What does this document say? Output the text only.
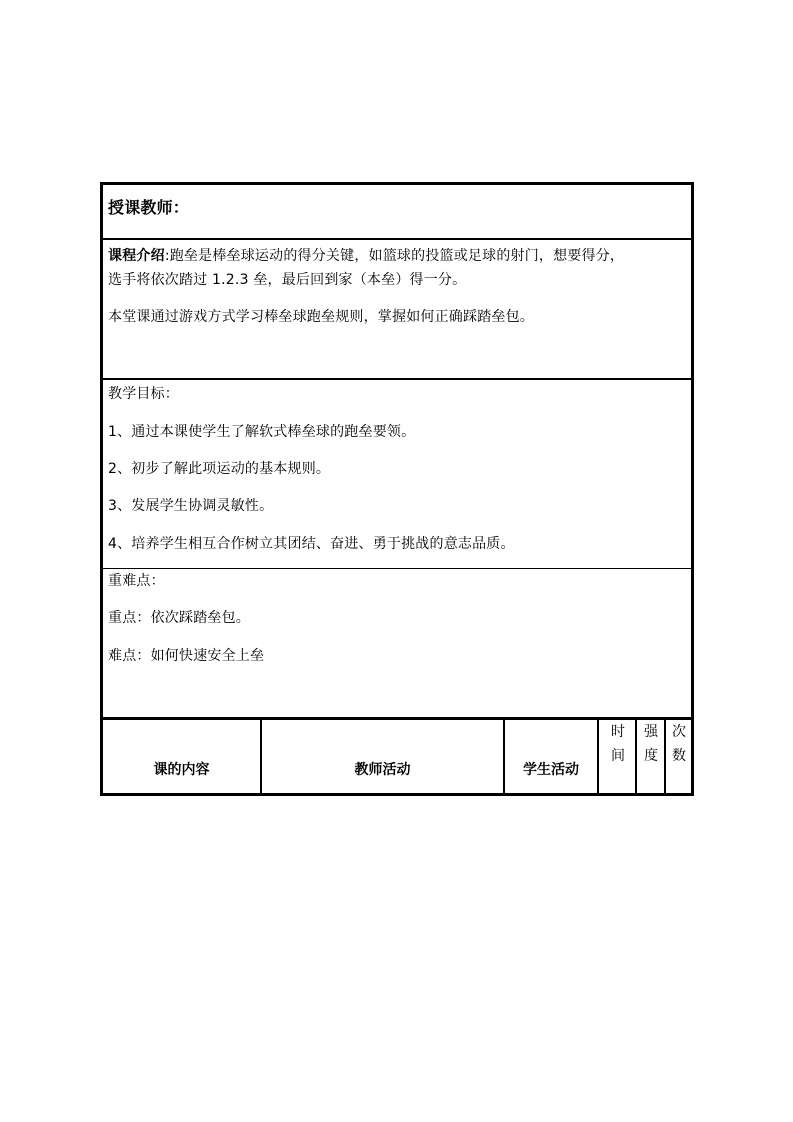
授课教师：
课程介绍:跑垒是棒垒球运动的得分关键，如篮球的投篮或足球的射门，想要得分，
选手将依次踏过 1.2.3 垒，最后回到家（本垒）得一分。
本堂课通过游戏方式学习棒垒球跑垒规则，掌握如何正确踩踏垒包。
教学目标：
1、通过本课使学生了解软式棒垒球的跑垒要领。
2、初步了解此项运动的基本规则。
3、发展学生协调灵敏性。
4、培养学生相互合作树立其团结、奋进、勇于挑战的意志品质。
重难点：
重点：依次踩踏垒包。
难点：如何快速安全上垒
课的内容	教师活动	学生活动
时
间
强
度
次
数
